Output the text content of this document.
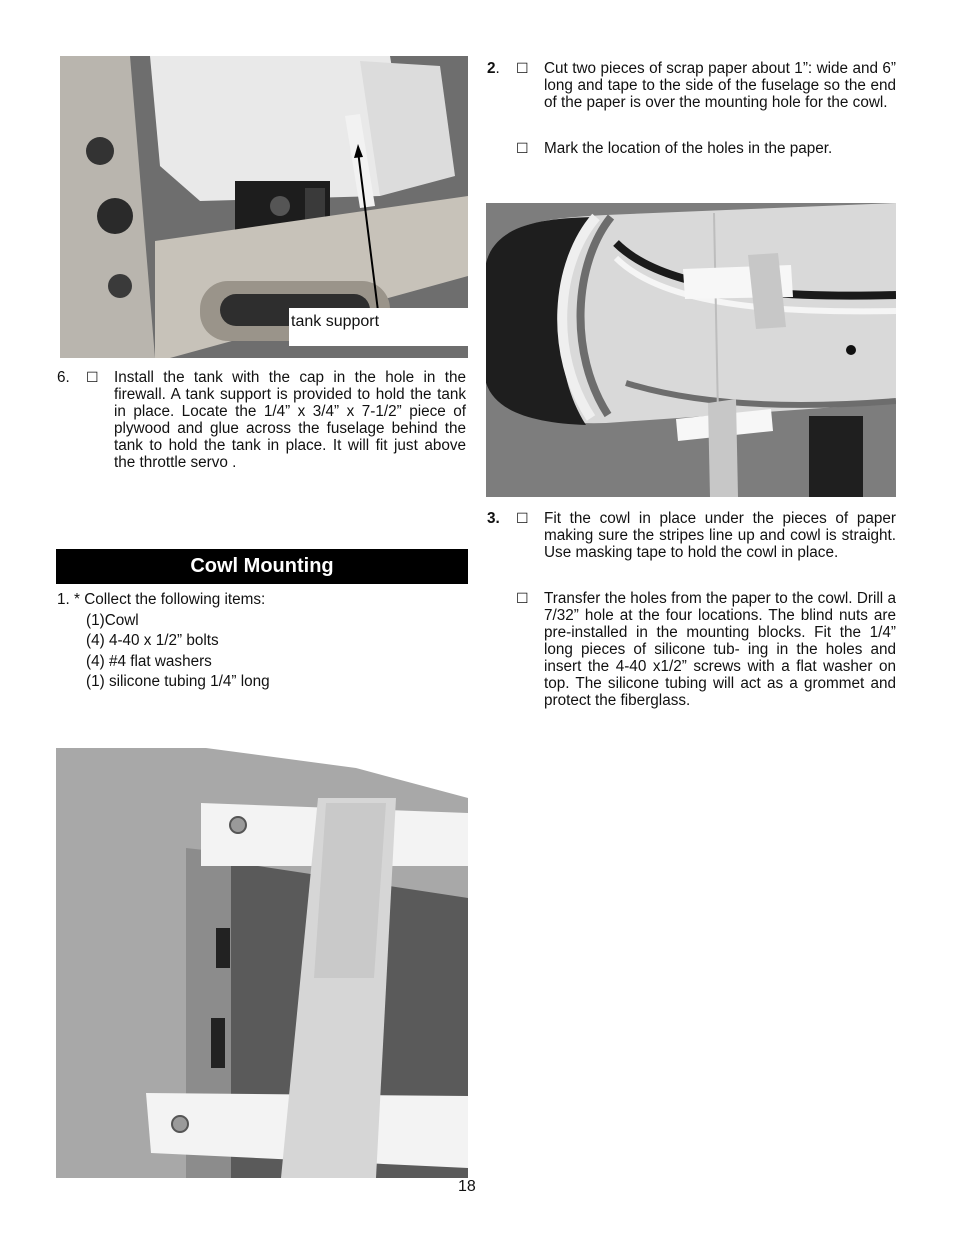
tank support
6. ☐ Install the tank with the cap in the hole in the firewall. A tank support is provided to hold the tank in place. Locate the 1/4” x 3/4” x 7-1/2” piece of plywood and glue across the fuselage behind the tank to hold the tank in place. It will fit just above the throttle servo .
Cowl Mounting
1. * Collect the following items:
(1)Cowl
(4) 4-40 x 1/2” bolts
(4) #4 flat washers
(1) silicone tubing 1/4” long
2. ☐ Cut two pieces of scrap paper about 1”: wide and 6” long and tape to the side of the fuselage so the end of the paper is over the mounting hole for the cowl.
☐ Mark the location of the holes in the paper.
3. ☐ Fit the cowl in place under the pieces of paper making sure the stripes line up and cowl is straight. Use masking tape to hold the cowl in place.
☐ Transfer the holes from the paper to the cowl. Drill a 7/32” hole at the four locations. The blind nuts are pre-installed in the mounting blocks. Fit the 1/4” long pieces of silicone tub- ing in the holes and insert the 4-40 x1/2” screws with a flat washer on top. The silicone tubing will act as a grommet and protect the fiberglass.
18
